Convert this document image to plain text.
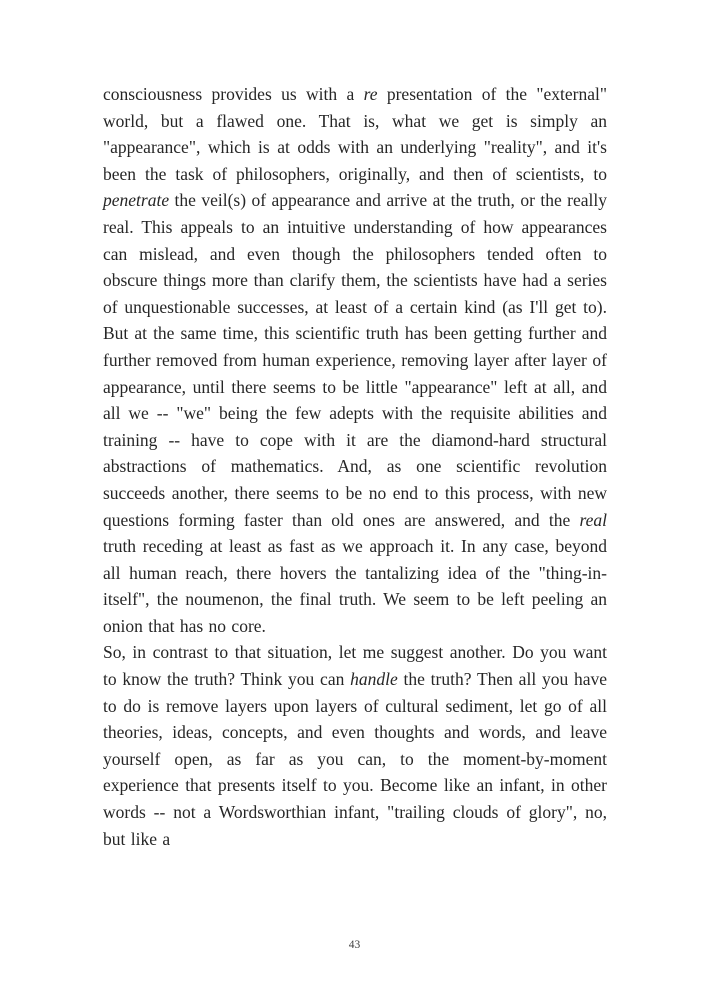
consciousness provides us with a re presentation of the "external" world, but a flawed one. That is, what we get is simply an "appearance", which is at odds with an underlying "reality", and it's been the task of philosophers, originally, and then of scientists, to penetrate the veil(s) of appearance and arrive at the truth, or the really real. This appeals to an intuitive understanding of how appearances can mislead, and even though the philosophers tended often to obscure things more than clarify them, the scientists have had a series of unquestionable successes, at least of a certain kind (as I'll get to). But at the same time, this scientific truth has been getting further and further removed from human experience, removing layer after layer of appearance, until there seems to be little "appearance" left at all, and all we -- "we" being the few adepts with the requisite abilities and training -- have to cope with it are the diamond-hard structural abstractions of mathematics. And, as one scientific revolution succeeds another, there seems to be no end to this process, with new questions forming faster than old ones are answered, and the real truth receding at least as fast as we approach it. In any case, beyond all human reach, there hovers the tantalizing idea of the "thing-in-itself", the noumenon, the final truth. We seem to be left peeling an onion that has no core.

So, in contrast to that situation, let me suggest another. Do you want to know the truth? Think you can handle the truth? Then all you have to do is remove layers upon layers of cultural sediment, let go of all theories, ideas, concepts, and even thoughts and words, and leave yourself open, as far as you can, to the moment-by-moment experience that presents itself to you. Become like an infant, in other words -- not a Wordsworthian infant, "trailing clouds of glory", no, but like a

43
